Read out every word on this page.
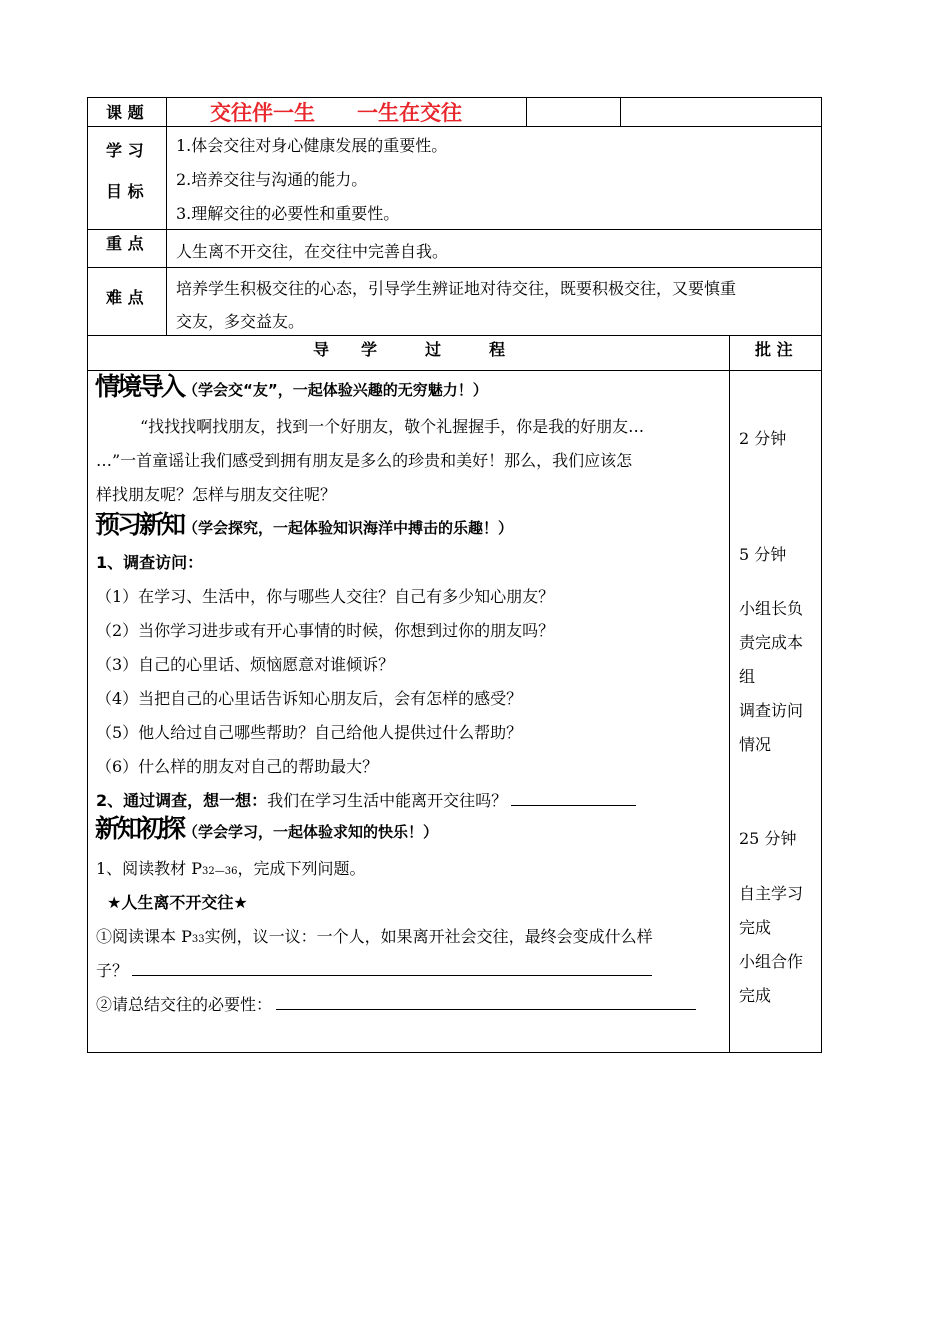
课 题	交往伴一生　　一生在交往
学 习
目 标
1.体会交往对身心健康发展的重要性。
2.培养交往与沟通的能力。
3.理解交往的必要性和重要性。
重 点 人生离不开交往，在交往中完善自我。
难 点 培养学生积极交往的心态，引导学生辨证地对待交往，既要积极交往，又要慎重
交友，多交益友。
导　　学　　　过　　　程	批 注
情境导入（学会交“友”，一起体验兴趣的无穷魅力！）
“找找找啊找朋友，找到一个好朋友，敬个礼握握手，你是我的好朋友…
…”一首童谣让我们感受到拥有朋友是多么的珍贵和美好！那么，我们应该怎
样找朋友呢？怎样与朋友交往呢？
预习新知（学会探究，一起体验知识海洋中搏击的乐趣！）
1、调查访问：
（1）在学习、生活中，你与哪些人交往？自己有多少知心朋友？
（2）当你学习进步或有开心事情的时候，你想到过你的朋友吗？
（3）自己的心里话、烦恼愿意对谁倾诉？
（4）当把自己的心里话告诉知心朋友后，会有怎样的感受？
（5）他人给过自己哪些帮助？自己给他人提供过什么帮助？
（6）什么样的朋友对自己的帮助最大？
2、通过调查，想一想：我们在学习生活中能离开交往吗？
新知初探（学会学习，一起体验求知的快乐！）
1、阅读教材 P32—36，完成下列问题。
★人生离不开交往★
①阅读课本 P33实例，议一议：一个人，如果离开社会交往，最终会变成什么样
子？
②请总结交往的必要性：
2 分钟
5 分钟
小组长负
责完成本
组
调查访问
情况
25 分钟
自主学习
完成
小组合作
完成
